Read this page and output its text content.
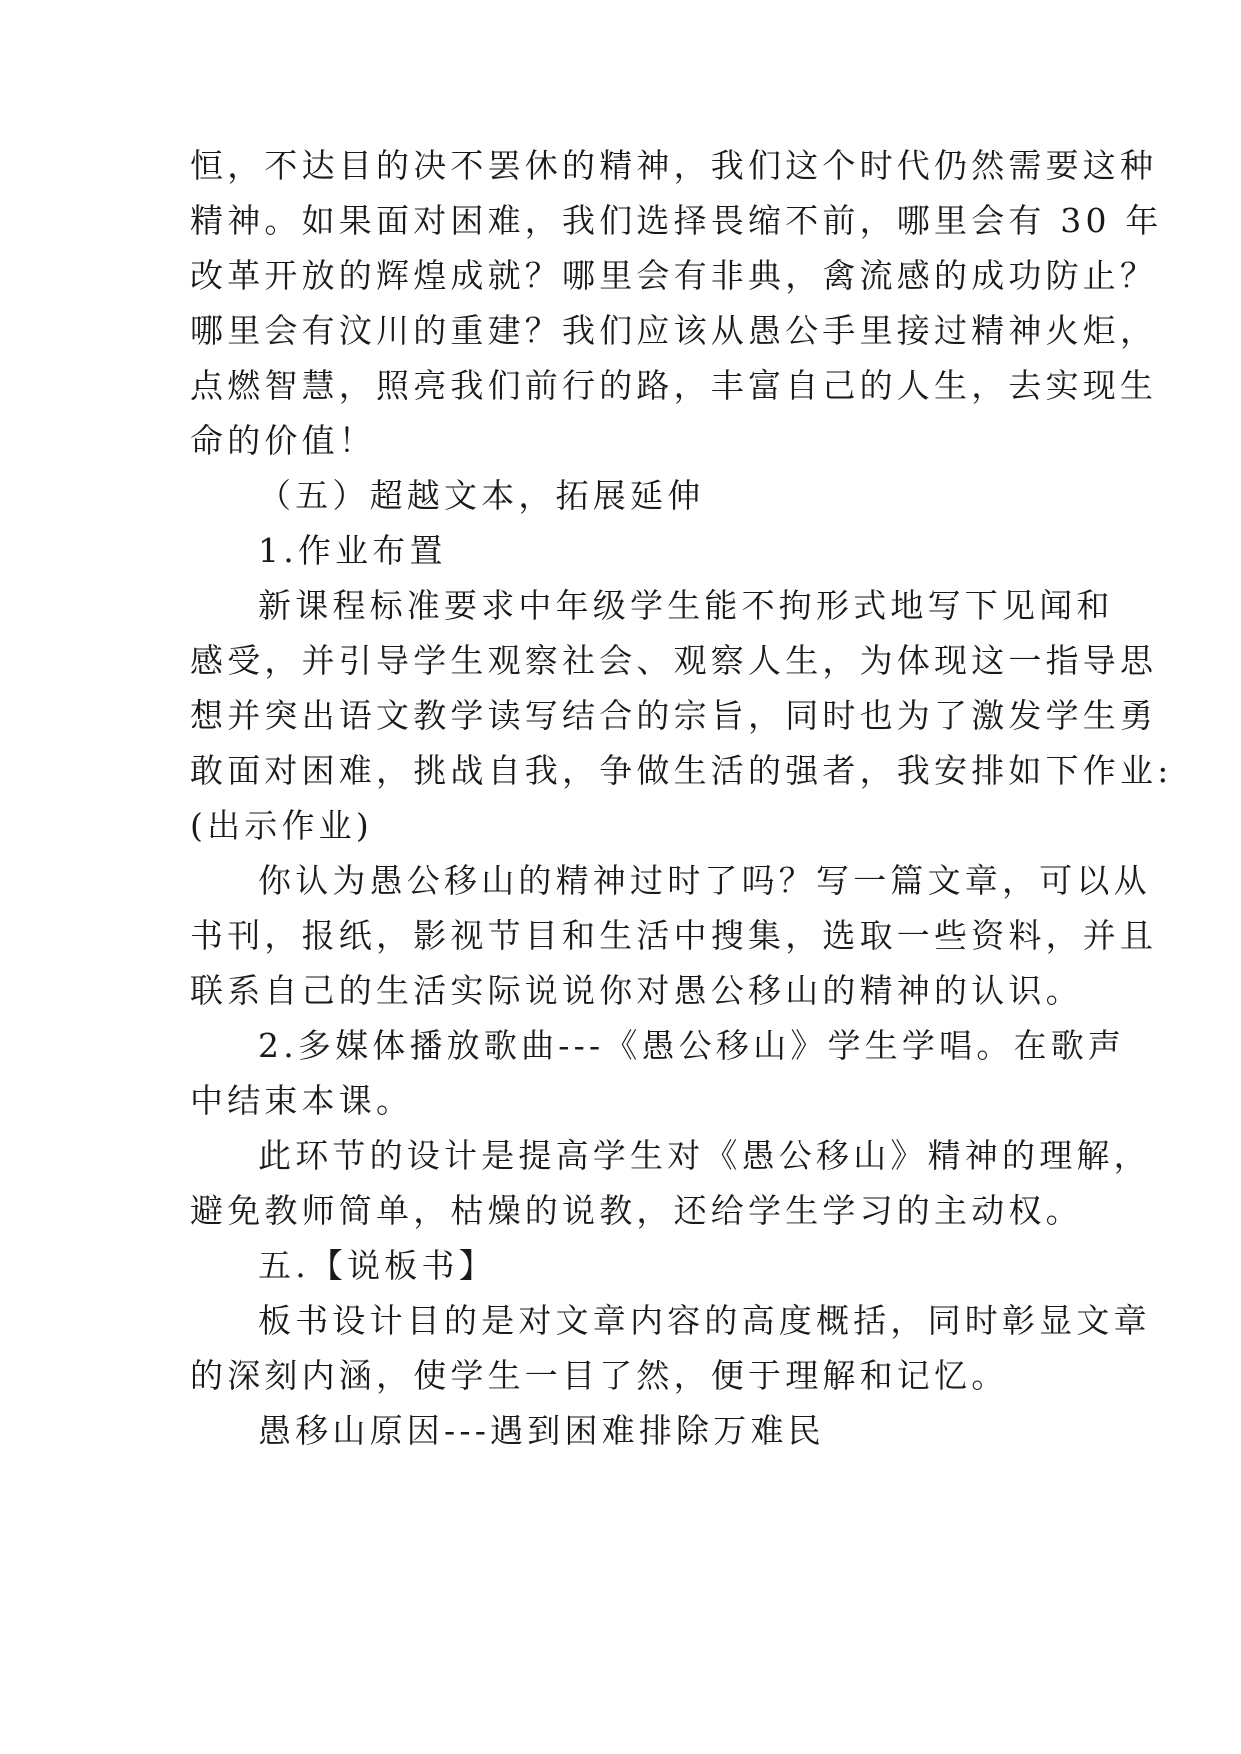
恒，不达目的决不罢休的精神，我们这个时代仍然需要这种
精神。如果面对困难，我们选择畏缩不前，哪里会有 30 年
改革开放的辉煌成就？哪里会有非典，禽流感的成功防止？
哪里会有汶川的重建？我们应该从愚公手里接过精神火炬，
点燃智慧，照亮我们前行的路，丰富自己的人生，去实现生
命的价值！
（五）超越文本，拓展延伸
1.作业布置
新课程标准要求中年级学生能不拘形式地写下见闻和
感受，并引导学生观察社会、观察人生，为体现这一指导思
想并突出语文教学读写结合的宗旨，同时也为了激发学生勇
敢面对困难，挑战自我，争做生活的强者，我安排如下作业:
(出示作业)
你认为愚公移山的精神过时了吗？写一篇文章，可以从
书刊，报纸，影视节目和生活中搜集，选取一些资料，并且
联系自己的生活实际说说你对愚公移山的精神的认识。
2.多媒体播放歌曲---《愚公移山》学生学唱。在歌声
中结束本课。
此环节的设计是提高学生对《愚公移山》精神的理解，
避免教师简单，枯燥的说教，还给学生学习的主动权。
五.【说板书】
板书设计目的是对文章内容的高度概括，同时彰显文章
的深刻内涵，使学生一目了然，便于理解和记忆。
愚移山原因---遇到困难排除万难民
